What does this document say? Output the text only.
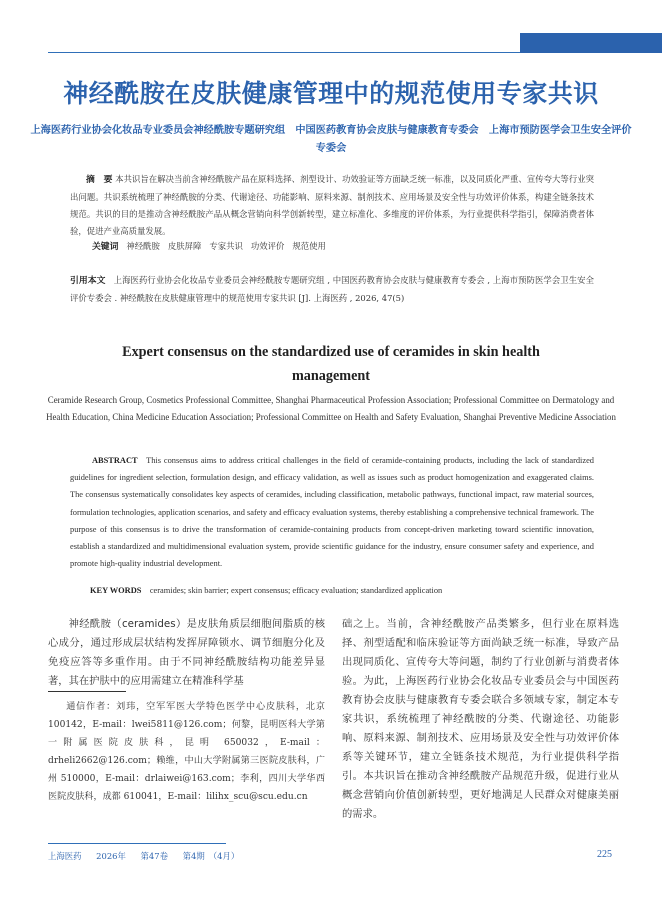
神经酰胺在皮肤健康管理中的规范使用专家共识
上海医药行业协会化妆品专业委员会神经酰胺专题研究组　中国医药教育协会皮肤与健康教育专委会　上海市预防医学会卫生安全评价专委会
摘　要 本共识旨在解决当前含神经酰胺产品在原料选择、剂型设计、功效验证等方面缺乏统一标准，以及同质化严重、宣传夸大等行业突出问题。共识系统梳理了神经酰胺的分类、代谢途径、功能影响、原料来源、制剂技术、应用场景及安全性与功效评价体系，构建全链条技术规范。共识的目的是推动含神经酰胺产品从概念营销向科学创新转型，建立标准化、多维度的评价体系，为行业提供科学指引，保障消费者体验，促进产业高质量发展。
关键词 神经酰胺 皮肤屏障 专家共识 功效评价 规范使用
引用本文 上海医药行业协会化妆品专业委员会神经酰胺专题研究组 , 中国医药教育协会皮肤与健康教育专委会 , 上海市预防医学会卫生安全评价专委会 . 神经酰胺在皮肤健康管理中的规范使用专家共识 [J]. 上海医药 , 2026, 47(5)
Expert consensus on the standardized use of ceramides in skin health management
Ceramide Research Group, Cosmetics Professional Committee, Shanghai Pharmaceutical Profession Association; Professional Committee on Dermatology and Health Education, China Medicine Education Association; Professional Committee on Health and Safety Evaluation, Shanghai Preventive Medicine Association
ABSTRACT This consensus aims to address critical challenges in the field of ceramide-containing products, including the lack of standardized guidelines for ingredient selection, formulation design, and efficacy validation, as well as issues such as product homogenization and exaggerated claims. The consensus systematically consolidates key aspects of ceramides, including classification, metabolic pathways, functional impact, raw material sources, formulation technologies, application scenarios, and safety and efficacy evaluation systems, thereby establishing a comprehensive technical framework. The purpose of this consensus is to drive the transformation of ceramide-containing products from concept-driven marketing toward scientific innovation, establish a standardized and multidimensional evaluation system, provide scientific guidance for the industry, ensure consumer safety and experience, and promote high-quality industrial development.
KEY WORDS ceramides; skin barrier; expert consensus; efficacy evaluation; standardized application

神经酰胺（ceramides）是皮肤角质层细胞间脂质的核心成分，通过形成层状结构发挥屏障锁水、调节细胞分化及免疫应答等多重作用。由于不同神经酰胺结构功能差异显著，其在护肤中的应用需建立在精准科学基

通信作者：刘玮，空军军医大学特色医学中心皮肤科，北京 100142，E-mail：lwei5811@126.com；何黎，昆明医科大学第一附属医院皮肤科，昆明 650032，E-mail：drheli2662@126.com；赖维，中山大学附属第三医院皮肤科，广州 510000，E-mail：drlaiwei@163.com；李利，四川大学华西医院皮肤科，成都 610041，E-mail：lilihx_scu@scu.edu.cn

础之上。当前，含神经酰胺产品类繁多，但行业在原料选择、剂型适配和临床验证等方面尚缺乏统一标准，导致产品出现同质化、宣传夸大等问题，制约了行业创新与消费者体验。为此，上海医药行业协会化妆品专业委员会与中国医药教育协会皮肤与健康教育专委会联合多领域专家，制定本专家共识，系统梳理了神经酰胺的分类、代谢途径、功能影响、原料来源、制剂技术、应用场景及安全性与功效评价体系等关键环节，建立全链条技术规范，为行业提供科学指引。本共识旨在推动含神经酰胺产品规范升级，促进行业从概念营销向价值创新转型，更好地满足人民群众对健康美丽的需求。

上海医药 2026年 第47卷 第4期 （4月）	225
